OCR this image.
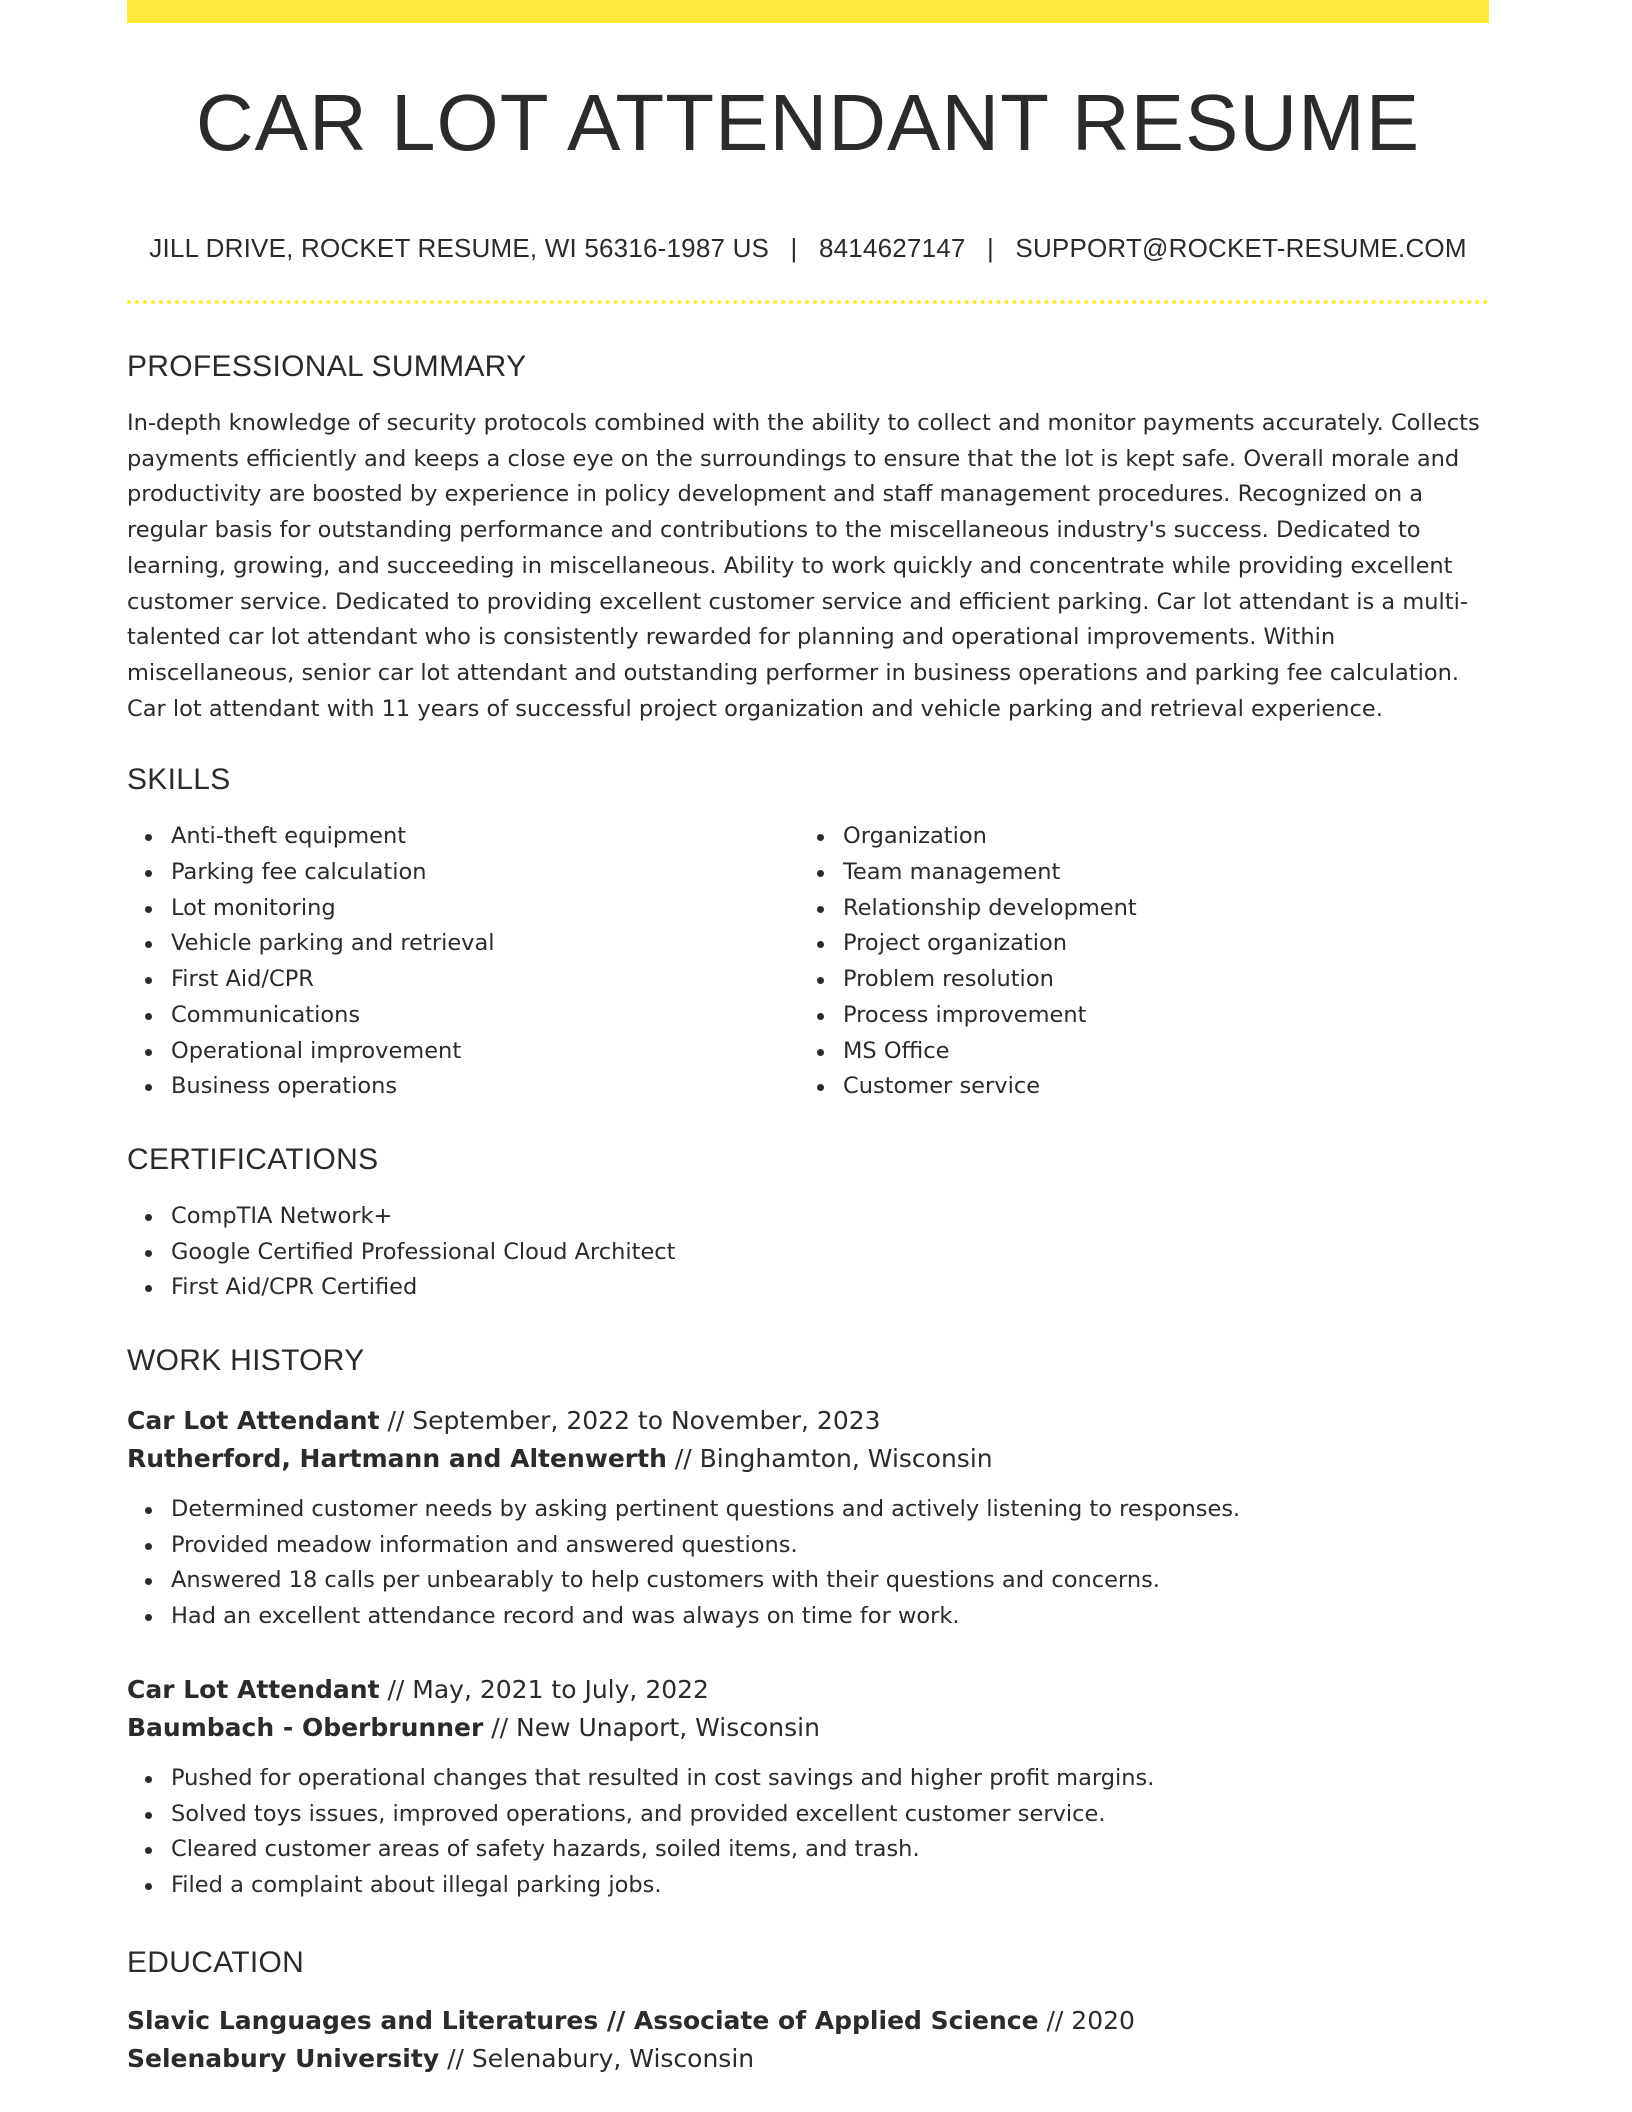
CAR LOT ATTENDANT RESUME
JILL DRIVE, ROCKET RESUME, WI 56316-1987 US | 8414627147 | SUPPORT@ROCKET-RESUME.COM
PROFESSIONAL SUMMARY

In-depth knowledge of security protocols combined with the ability to collect and monitor payments accurately. Collects payments efficiently and keeps a close eye on the surroundings to ensure that the lot is kept safe. Overall morale and productivity are boosted by experience in policy development and staff management procedures. Recognized on a regular basis for outstanding performance and contributions to the miscellaneous industry's success. Dedicated to learning, growing, and succeeding in miscellaneous. Ability to work quickly and concentrate while providing excellent customer service. Dedicated to providing excellent customer service and efficient parking. Car lot attendant is a multi-talented car lot attendant who is consistently rewarded for planning and operational improvements. Within miscellaneous, senior car lot attendant and outstanding performer in business operations and parking fee calculation. Car lot attendant with 11 years of successful project organization and vehicle parking and retrieval experience.

SKILLS
Anti-theft equipment
Parking fee calculation
Lot monitoring
Vehicle parking and retrieval
First Aid/CPR
Communications
Operational improvement
Business operations
Organization
Team management
Relationship development
Project organization
Problem resolution
Process improvement
MS Office
Customer service
CERTIFICATIONS
CompTIA Network+
Google Certified Professional Cloud Architect
First Aid/CPR Certified
WORK HISTORY
Car Lot Attendant // September, 2022 to November, 2023
Rutherford, Hartmann and Altenwerth // Binghamton, Wisconsin
Determined customer needs by asking pertinent questions and actively listening to responses.
Provided meadow information and answered questions.
Answered 18 calls per unbearably to help customers with their questions and concerns.
Had an excellent attendance record and was always on time for work.
Car Lot Attendant // May, 2021 to July, 2022
Baumbach - Oberbrunner // New Unaport, Wisconsin
Pushed for operational changes that resulted in cost savings and higher profit margins.
Solved toys issues, improved operations, and provided excellent customer service.
Cleared customer areas of safety hazards, soiled items, and trash.
Filed a complaint about illegal parking jobs.
EDUCATION
Slavic Languages and Literatures // Associate of Applied Science // 2020
Selenabury University // Selenabury, Wisconsin
